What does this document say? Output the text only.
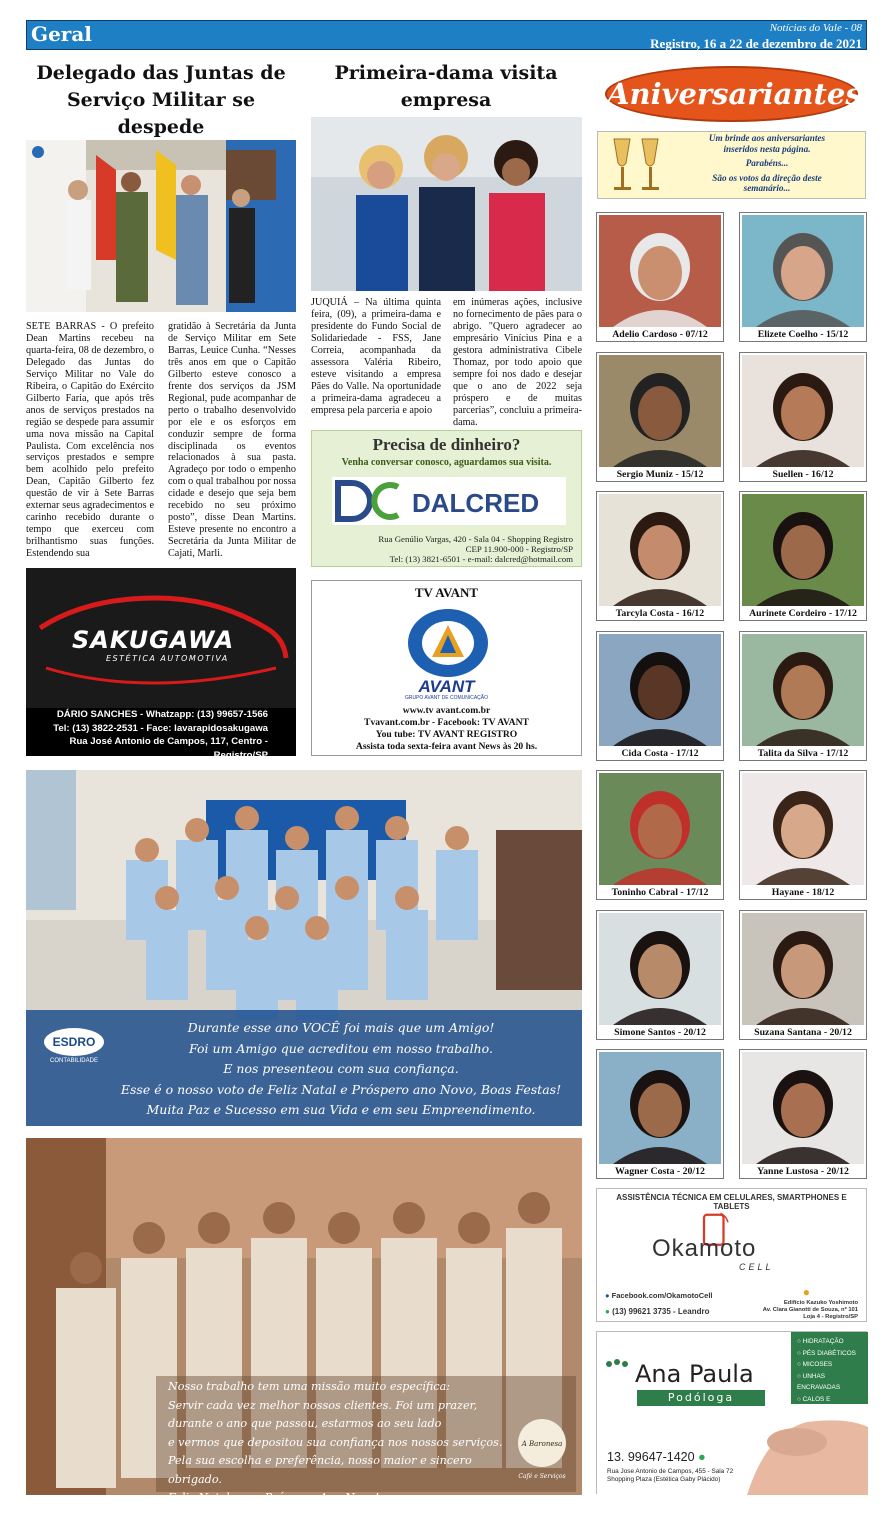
Geral	Notícias do Vale - 08
Registro, 16 a 22 de dezembro de 2021
Delegado das Juntas de
Serviço Militar se despede
SETE BARRAS - O prefeito Dean Martins recebeu na quarta-feira, 08 de dezembro, o Delegado das Juntas do Serviço Militar no Vale do Ribeira, o Capitão do Exército Gilberto Faria, que após três anos de serviços prestados na região se despede para assumir uma nova missão na Capital Paulista. Com excelência nos serviços prestados e sempre bem acolhido pelo prefeito Dean, Capitão Gilberto fez questão de vir à Sete Barras externar seus agradecimentos e carinho recebido durante o tempo que exerceu com brilhantismo suas funções. Estendendo sua
gratidão à Secretária da Junta de Serviço Militar em Sete Barras, Leuice Cunha. “Nesses três anos em que o Capitão Gilberto esteve conosco a frente dos serviços da JSM Regional, pude acompanhar de perto o trabalho desenvolvido por ele e os esforços em conduzir sempre de forma disciplinada os eventos relacionados à sua pasta. Agradeço por todo o empenho com o qual trabalhou por nossa cidade e desejo que seja bem recebido no seu próximo posto”, disse Dean Martins. Esteve presente no encontro a Secretária da Junta Militar de Cajati, Marli.
Primeira-dama visita empresa
JUQUIÁ – Na última quinta feira, (09), a primeira-dama e presidente do Fundo Social de Solidariedade - FSS, Jane Correia, acompanhada da assessora Valéria Ribeiro, esteve visitando a empresa Pães do Valle. Na oportunidade a primeira-dama agradeceu a empresa pela parceria e apoio
em inúmeras ações, inclusive no fornecimento de pães para o abrigo. "Quero agradecer ao empresário Vinícius Pina e a gestora administrativa Cibele Thomaz, por todo apoio que sempre foi nos dado e desejar que o ano de 2022 seja próspero e de muitas parcerias”, concluiu a primeira-dama.
Precisa de dinheiro?
Venha conversar conosco, aguardamos sua visita.
DALCRED
Rua Genúlio Vargas, 420 - Sala 04 - Shopping Registro
CEP 11.900-000 - Registro/SP
Tel: (13) 3821-6501 - e-mail: dalcred@hotmail.com
SAKUGAWA
ESTÉTICA AUTOMOTIVA
DÁRIO SANCHES - Whatzapp: (13) 99657-1566
Tel: (13) 3822-2531 - Face: lavarapidosakugawa
Rua José Antonio de Campos, 117, Centro - Registro/SP
TV AVANT
AVANT
GRUPO AVANT DE COMUNICAÇÃO
www.tv avant.com.br
Tvavant.com.br - Facebook: TV AVANT
You tube: TV AVANT REGISTRO
Assista toda sexta-feira avant News às 20 hs.
ESDRO
CONTABILIDADE
Durante esse ano VOCÊ foi mais que um Amigo!
Foi um Amigo que acreditou em nosso trabalho.
E nos presenteou com sua confiança.
Esse é o nosso voto de Feliz Natal e Próspero ano Novo, Boas Festas!
Muita Paz e Sucesso em sua Vida e em seu Empreendimento.
A Baronesa
Café e Serviços
Nosso trabalho tem uma missão muito específica:
Servir cada vez melhor nossos clientes. Foi um prazer,
durante o ano que passou, estarmos ao seu lado
e vermos que depositou sua confiança nos nossos serviços.
Pela sua escolha e preferência, nosso maior e sincero obrigado.
Feliz Natal e um Próspero Ano Novo!
Aniversariantes
Um brinde aos aniversariantes
inseridos nesta página.
Parabéns...
São os votos da direção deste
semanário...
Adelio Cardoso - 07/12	Elizete Coelho - 15/12
Sergio Muniz - 15/12	Suellen - 16/12
Tarcyla Costa - 16/12	Aurinete Cordeiro - 17/12
Cida Costa - 17/12	Talita da Silva - 17/12
Toninho Cabral - 17/12	Hayane - 18/12
Simone Santos - 20/12	Suzana Santana - 20/12
Wagner Costa - 20/12	Yanne Lustosa - 20/12
ASSISTÊNCIA TÉCNICA EM CELULARES, SMARTPHONES E TABLETS
Okamoto
CELL
● Facebook.com/OkamotoCell
● (13) 99621 3735 - Leandro
●
Edifício Kazuko Yoshimoto
Av. Clara Gianotti de Souza, nº 101
Loja 4 - Registro/SP
Ana Paula
Podóloga
○ HIDRATAÇÃO
○ PÉS DIABÉTICOS
○ MICOSES
○ UNHAS ENCRAVADAS
○ CALOS E CALOSIDADES
13. 99647-1420 ●
Rua Jose Antonio de Campos, 455 - Sala 72
Shopping Plaza (Estética Gaby Plácido)
